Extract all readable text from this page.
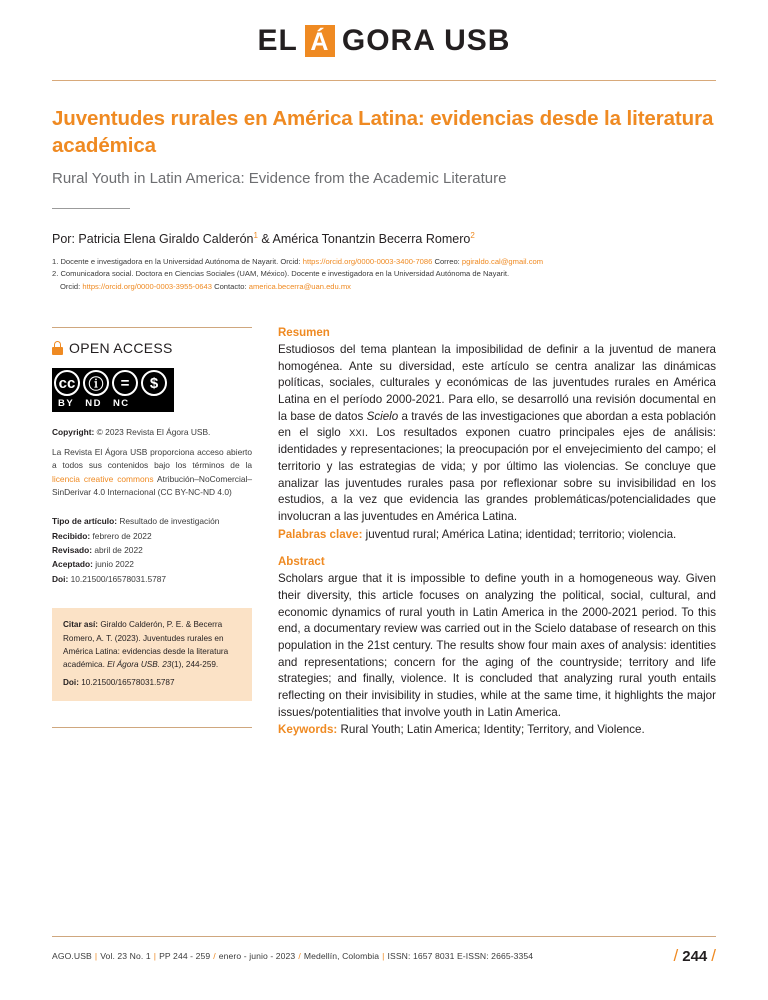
EL Á GORA USB
Juventudes rurales en América Latina: evidencias desde la literatura académica
Rural Youth in Latin America: Evidence from the Academic Literature
Por: Patricia Elena Giraldo Calderón$^1$ & América Tonantzin Becerra Romero$^2$
1. Docente e investigadora en la Universidad Autónoma de Nayarit. Orcid: https://orcid.org/0000-0003-3400-7086 Correo: pgiraldo.cal@gmail.com
2. Comunicadora social. Doctora en Ciencias Sociales (UAM, México). Docente e investigadora en la Universidad Autónoma de Nayarit.
Orcid: https://orcid.org/0000-0003-3955-0643 Contacto: america.becerra@uan.edu.mx
OPEN ACCESS
cc ⓘ	=	$
BY ND NC
Copyright: © 2023 Revista El Ágora USB.
La Revista El Ágora USB proporciona acceso abierto a todos sus contenidos bajo los términos de la licencia creative commons Atribución–NoComercial–SinDerivar 4.0 Internacional (CC BY-NC-ND 4.0)
Tipo de artículo: Resultado de investigación
Recibido: febrero de 2022
Revisado: abril de 2022
Aceptado: junio 2022
Doi: 10.21500/16578031.5787
Citar así: Giraldo Calderón, P. E. & Becerra Romero, A. T. (2023). Juventudes rurales en América Latina: evidencias desde la literatura académica. El Ágora USB. 23(1), 244-259.
Doi: 10.21500/16578031.5787
Resumen

Estudiosos del tema plantean la imposibilidad de definir a la juventud de manera homogénea. Ante su diversidad, este artículo se centra analizar las dinámicas políticas, sociales, culturales y económicas de las juventudes rurales en América Latina en el período 2000-2021. Para ello, se desarrolló una revisión documental en la base de datos Scielo a través de las investigaciones que abordan a esta población en el siglo XXI. Los resultados exponen cuatro principales ejes de análisis: identidades y representaciones; la preocupación por el envejecimiento del campo; el territorio y las estrategias de vida; y por último las violencias. Se concluye que analizar las juventudes rurales pasa por reflexionar sobre su invisibilidad en los estudios, a la vez que evidencia las grandes problemáticas/potencialidades que involucran a las juventudes en América Latina.

Palabras clave: juventud rural; América Latina; identidad; territorio; violencia.
Abstract

Scholars argue that it is impossible to define youth in a homogeneous way. Given their diversity, this article focuses on analyzing the political, social, cultural, and economic dynamics of rural youth in Latin America in the 2000-2021 period. To this end, a documentary review was carried out in the Scielo database of research on this population in the 21st century. The results show four main axes of analysis: identities and representations; concern for the aging of the countryside; territory and life strategies; and finally, violence. It is concluded that analyzing rural youth entails reflecting on their invisibility in studies, while at the same time, it highlights the major issues/potentialities that involve youth in Latin America.

Keywords: Rural Youth; Latin America; Identity; Territory, and Violence.
AGO.USB | Vol. 23 No. 1 | PP 244 - 259 / enero - junio - 2023 / Medellín, Colombia | ISSN: 1657 8031 E-ISSN: 2665-3354	/ 244 /
